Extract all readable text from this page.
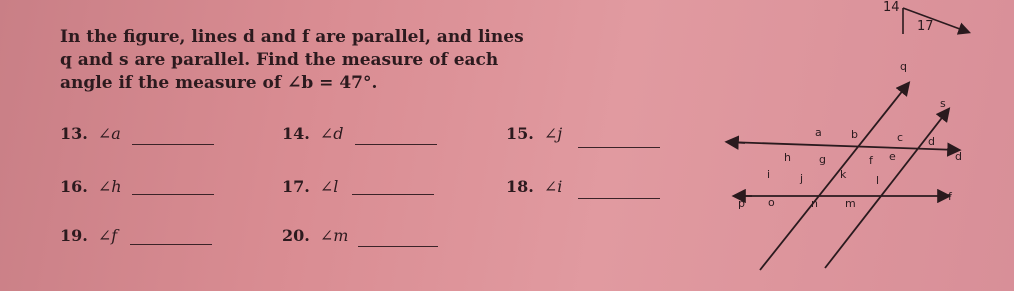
In the figure, lines d and f are parallel, and lines
q and s are parallel. Find the measure of each
angle if the measure of ∠b = 47°.
13. ∠a	14. ∠d	15. ∠j
16. ∠h	17. ∠l	18. ∠i
19. ∠f	20. ∠m
14
17
q
s
d
f
p
a	b	c d
h	g	f e
i	j	k	l
o	n m
